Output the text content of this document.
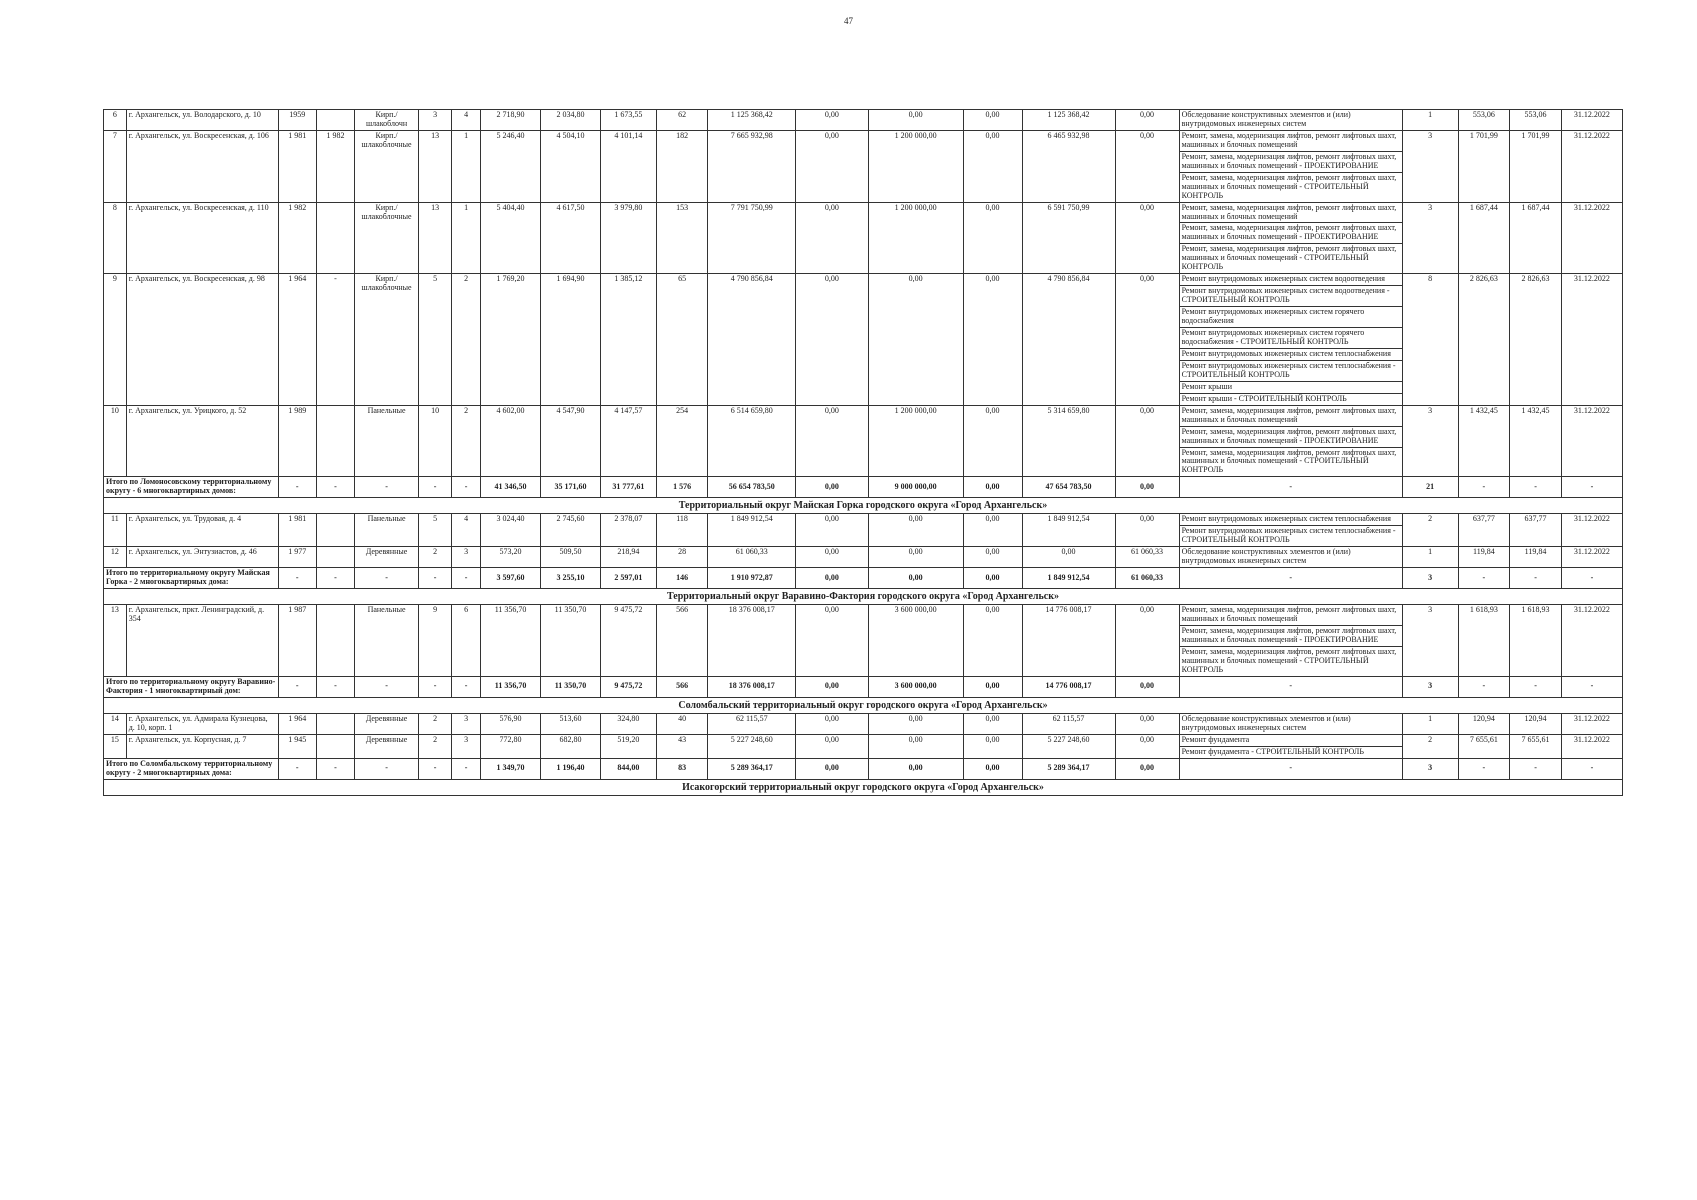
47
6	г. Архангельск, ул. Володарского, д. 10	1959		Кирп./ шлакоблочн	3	4	2 718,90	2 034,80	1 673,55	62	1 125 368,42	0,00	0,00	0,00	1 125 368,42	0,00	Обследование конструктивных элементов и (или) внутридомовых инженерных систем	1	553,06	553,06	31.12.2022
7	г. Архангельск, ул. Воскресенская, д. 106	1 981	1 982	Кирп./ шлакоблочные	13	1	5 246,40	4 504,10	4 101,14	182	7 665 932,98	0,00	1 200 000,00	0,00	6 465 932,98	0,00	Ремонт, замена, модернизация лифтов, ремонт лифтовых шахт, машинных и блочных помещений	3	1 701,99	1 701,99	31.12.2022
																	Ремонт, замена, модернизация лифтов, ремонт лифтовых шахт, машинных и блочных помещений - ПРОЕКТИРОВАНИЕ				
																	Ремонт, замена, модернизация лифтов, ремонт лифтовых шахт, машинных и блочных помещений - СТРОИТЕЛЬНЫЙ КОНТРОЛЬ				
8	г. Архангельск, ул. Воскресенская, д. 110	1 982		Кирп./ шлакоблочные	13	1	5 404,40	4 617,50	3 979,80	153	7 791 750,99	0,00	1 200 000,00	0,00	6 591 750,99	0,00	Ремонт, замена, модернизация лифтов, ремонт лифтовых шахт, машинных и блочных помещений	3	1 687,44	1 687,44	31.12.2022
																	Ремонт, замена, модернизация лифтов, ремонт лифтовых шахт, машинных и блочных помещений - ПРОЕКТИРОВАНИЕ				
																	Ремонт, замена, модернизация лифтов, ремонт лифтовых шахт, машинных и блочных помещений - СТРОИТЕЛЬНЫЙ КОНТРОЛЬ				
9	г. Архангельск, ул. Воскресенская, д. 98	1 964	-	Кирп./ шлакоблочные	5	2	1 769,20	1 694,90	1 385,12	65	4 790 856,84	0,00	0,00	0,00	4 790 856,84	0,00	Ремонт внутридомовых инженерных систем водоотведения	8	2 826,63	2 826,63	31.12.2022
																	Ремонт внутридомовых инженерных систем водоотведения - СТРОИТЕЛЬНЫЙ КОНТРОЛЬ				
																	Ремонт внутридомовых инженерных систем горячего водоснабжения				
																	Ремонт внутридомовых инженерных систем горячего водоснабжения - СТРОИТЕЛЬНЫЙ КОНТРОЛЬ				
																	Ремонт внутридомовых инженерных систем теплоснабжения				
																	Ремонт внутридомовых инженерных систем теплоснабжения - СТРОИТЕЛЬНЫЙ КОНТРОЛЬ				
																	Ремонт крыши				
																	Ремонт крыши - СТРОИТЕЛЬНЫЙ КОНТРОЛЬ				
10	г. Архангельск, ул. Урицкого, д. 52	1 989		Панельные	10	2	4 602,00	4 547,90	4 147,57	254	6 514 659,80	0,00	1 200 000,00	0,00	5 314 659,80	0,00	Ремонт, замена, модернизация лифтов, ремонт лифтовых шахт, машинных и блочных помещений	3	1 432,45	1 432,45	31.12.2022
																	Ремонт, замена, модернизация лифтов, ремонт лифтовых шахт, машинных и блочных помещений - ПРОЕКТИРОВАНИЕ				
																	Ремонт, замена, модернизация лифтов, ремонт лифтовых шахт, машинных и блочных помещений - СТРОИТЕЛЬНЫЙ КОНТРОЛЬ				
Итого по Ломоносовскому территориальному округу - 6 многоквартирных домов:		-	-	-	-	-	41 346,50	35 171,60	31 777,61	1 576	56 654 783,50	0,00	9 000 000,00	0,00	47 654 783,50	0,00	-	21	-	-	-
Территориальный округ Майская Горка городского округа «Город Архангельск»																					
11	г. Архангельск, ул. Трудовая, д. 4	1 981		Панельные	5	4	3 024,40	2 745,60	2 378,07	118	1 849 912,54	0,00	0,00	0,00	1 849 912,54	0,00	Ремонт внутридомовых инженерных систем теплоснабжения	2	637,77	637,77	31.12.2022
																	Ремонт внутридомовых инженерных систем теплоснабжения - СТРОИТЕЛЬНЫЙ КОНТРОЛЬ				
12	г. Архангельск, ул. Энтузиастов, д. 46	1 977		Деревянные	2	3	573,20	509,50	218,94	28	61 060,33	0,00	0,00	0,00	0,00	61 060,33	Обследование конструктивных элементов и (или) внутридомовых инженерных систем	1	119,84	119,84	31.12.2022
Итого по территориальному округу Майская Горка - 2 многоквартирных дома:		-	-	-	-	-	3 597,60	3 255,10	2 597,01	146	1 910 972,87	0,00	0,00	0,00	1 849 912,54	61 060,33	-	3	-	-	-
Территориальный округ Варавино-Фактория городского округа «Город Архангельск»																					
13	г. Архангельск, пркт. Ленинградский, д. 354	1 987		Панельные	9	6	11 356,70	11 350,70	9 475,72	566	18 376 008,17	0,00	3 600 000,00	0,00	14 776 008,17	0,00	Ремонт, замена, модернизация лифтов, ремонт лифтовых шахт, машинных и блочных помещений	3	1 618,93	1 618,93	31.12.2022
																	Ремонт, замена, модернизация лифтов, ремонт лифтовых шахт, машинных и блочных помещений - ПРОЕКТИРОВАНИЕ				
																	Ремонт, замена, модернизация лифтов, ремонт лифтовых шахт, машинных и блочных помещений - СТРОИТЕЛЬНЫЙ КОНТРОЛЬ				
Итого по территориальному округу Варавино-Фактория - 1 многоквартирный дом:		-	-	-	-	-	11 356,70	11 350,70	9 475,72	566	18 376 008,17	0,00	3 600 000,00	0,00	14 776 008,17	0,00	-	3	-	-	-
Соломбальский территориальный округ городского округа «Город Архангельск»																					
14	г. Архангельск, ул. Адмирала Кузнецова, д. 10, корп. 1	1 964		Деревянные	2	3	576,90	513,60	324,80	40	62 115,57	0,00	0,00	0,00	62 115,57	0,00	Обследование конструктивных элементов и (или) внутридомовых инженерных систем	1	120,94	120,94	31.12.2022
15	г. Архангельск, ул. Корпусная, д. 7	1 945		Деревянные	2	3	772,80	682,80	519,20	43	5 227 248,60	0,00	0,00	0,00	5 227 248,60	0,00	Ремонт фундамента	2	7 655,61	7 655,61	31.12.2022
																	Ремонт фундамента - СТРОИТЕЛЬНЫЙ КОНТРОЛЬ				
Итого по Соломбальскому территориальному округу - 2 многоквартирных дома:		-	-	-	-	-	1 349,70	1 196,40	844,00	83	5 289 364,17	0,00	0,00	0,00	5 289 364,17	0,00	-	3	-	-	-
Исакогорский территориальный округ городского округа «Город Архангельск»																					
